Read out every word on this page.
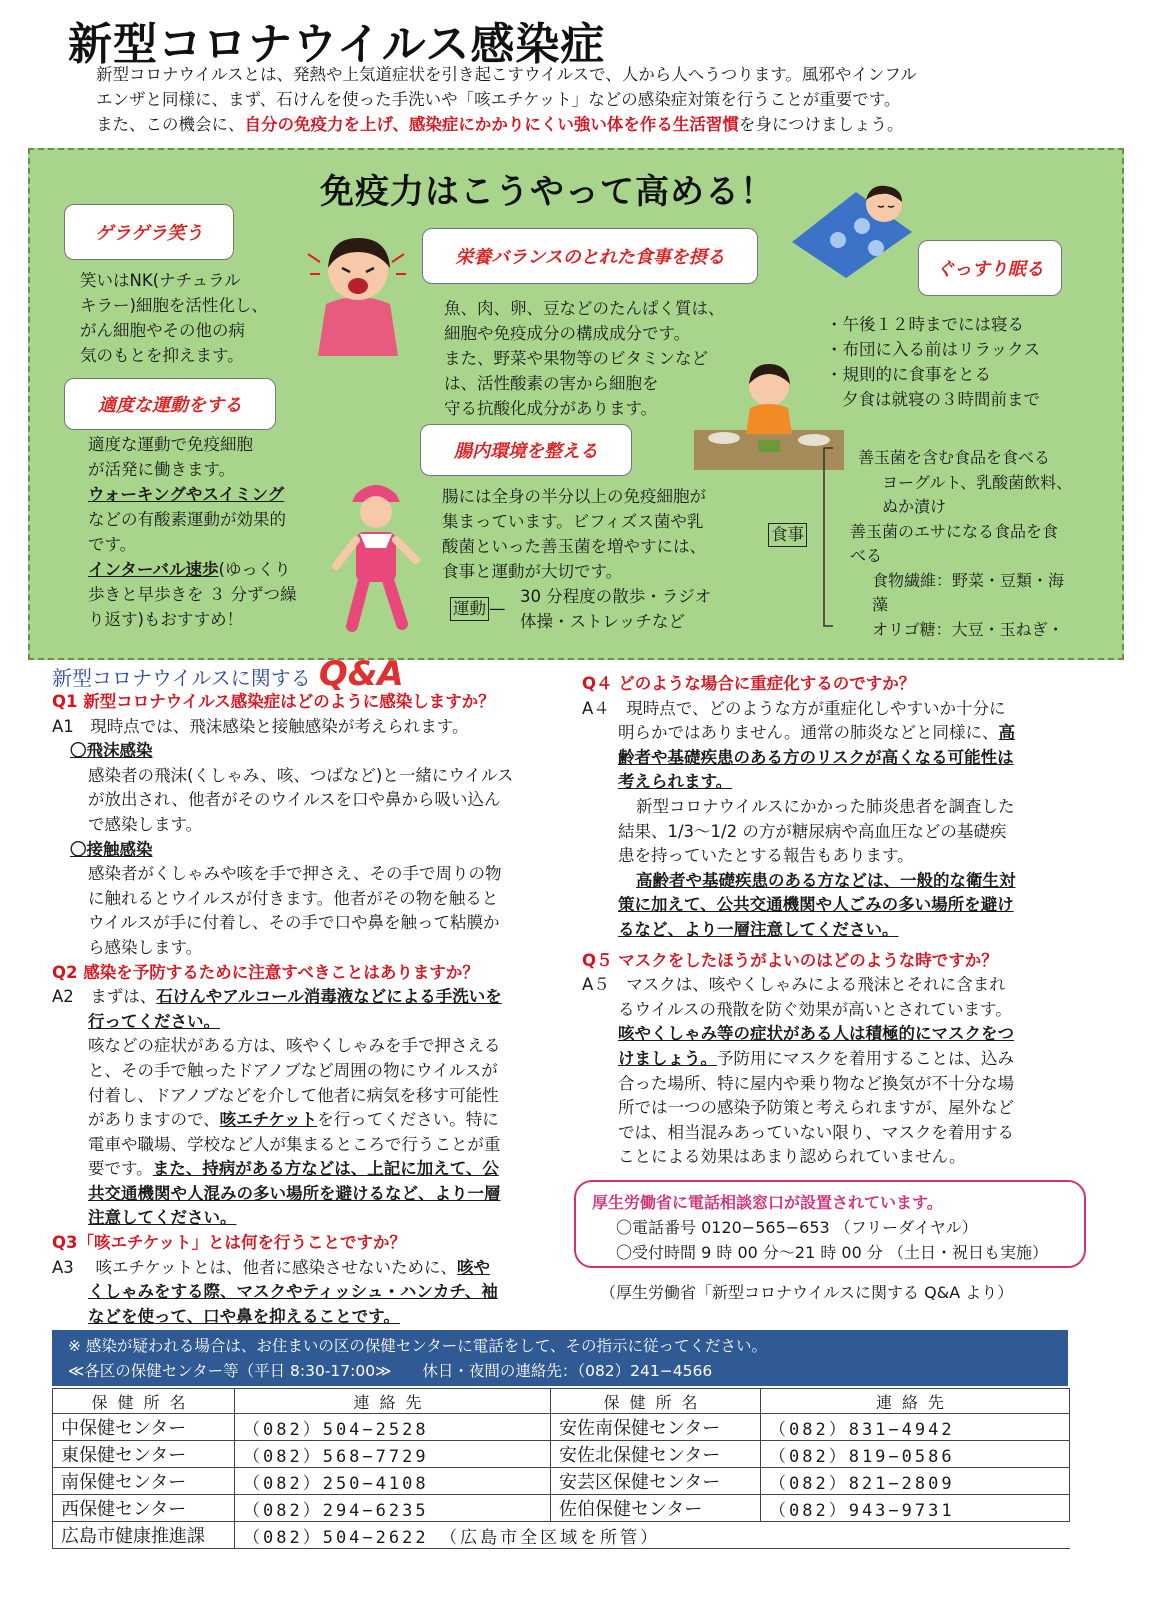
新型コロナウイルス感染症
新型コロナウイルスとは、発熱や上気道症状を引き起こすウイルスで、人から人へうつります。風邪やインフル
エンザと同様に、まず、石けんを使った手洗いや「咳エチケット」などの感染症対策を行うことが重要です。
また、この機会に、自分の免疫力を上げ、感染症にかかりにくい強い体を作る生活習慣を身につけましょう。
免疫力はこうやって高める！
ゲラゲラ笑う
笑いはNK(ナチュラル
キラー)細胞を活性化し、
がん細胞やその他の病
気のもとを抑えます。
栄養バランスのとれた食事を摂る
魚、肉、卵、豆などのたんぱく質は、
細胞や免疫成分の構成成分です。
また、野菜や果物等のビタミンなど
は、活性酸素の害から細胞を
守る抗酸化成分があります。
ぐっすり眠る
・午後１２時までには寝る
・布団に入る前はリラックス
・規則的に食事をとる
夕食は就寝の３時間前まで
適度な運動をする
適度な運動で免疫細胞
が活発に働きます。
ウォーキングやスイミング
などの有酸素運動が効果的
です。
インターバル速歩(ゆっくり
歩きと早歩きを ３ 分ずつ繰
り返す)もおすすめ！
腸内環境を整える
腸には全身の半分以上の免疫細胞が
集まっています。ビフィズス菌や乳
酸菌といった善玉菌を増やすには、
食事と運動が大切です。
運動 —
30 分程度の散歩・ラジオ
体操・ストレッチなど
食事
善玉菌を含む食品を食べる
ヨーグルト、乳酸菌飲料、
ぬか漬け
善玉菌のエサになる食品を食
べる
食物繊維：野菜・豆類・海
藻
オリゴ糖：大豆・玉ねぎ・
新型コロナウイルスに関する Q&A
Q1 新型コロナウイルス感染症はどのように感染しますか？
A1　現時点では、飛沫感染と接触感染が考えられます。
〇飛沫感染
感染者の飛沫(くしゃみ、咳、つばなど)と一緒にウイルス
が放出され、他者がそのウイルスを口や鼻から吸い込ん
で感染します。
〇接触感染
感染者がくしゃみや咳を手で押さえ、その手で周りの物
に触れるとウイルスが付きます。他者がその物を触ると
ウイルスが手に付着し、その手で口や鼻を触って粘膜か
ら感染します。
Q2 感染を予防するために注意すべきことはありますか？
A2　まずは、石けんやアルコール消毒液などによる手洗いを
行ってください。
咳などの症状がある方は、咳やくしゃみを手で押さえる
と、その手で触ったドアノブなど周囲の物にウイルスが
付着し、ドアノブなどを介して他者に病気を移す可能性
がありますので、咳エチケットを行ってください。特に
電車や職場、学校など人が集まるところで行うことが重
要です。また、持病がある方などは、上記に加えて、公
共交通機関や人混みの多い場所を避けるなど、より一層
注意してください。
Q3「咳エチケット」とは何を行うことですか？
A3　 咳エチケットとは、他者に感染させないために、咳や
くしゃみをする際、マスクやティッシュ・ハンカチ、袖
などを使って、口や鼻を抑えることです。
Q４ どのような場合に重症化するのですか？
A４　現時点で、どのような方が重症化しやすいか十分に
明らかではありません。通常の肺炎などと同様に、高
齢者や基礎疾患のある方のリスクが高くなる可能性は
考えられます。
新型コロナウイルスにかかった肺炎患者を調査した
結果、1/3〜1/2 の方が糖尿病や高血圧などの基礎疾
患を持っていたとする報告もあります。
高齢者や基礎疾患のある方などは、一般的な衛生対
策に加えて、公共交通機関や人ごみの多い場所を避け
るなど、より一層注意してください。
Q５ マスクをしたほうがよいのはどのような時ですか？
A５　マスクは、咳やくしゃみによる飛沫とそれに含まれ
るウイルスの飛散を防ぐ効果が高いとされています。
咳やくしゃみ等の症状がある人は積極的にマスクをつ
けましょう。予防用にマスクを着用することは、込み
合った場所、特に屋内や乗り物など換気が不十分な場
所では一つの感染予防策と考えられますが、屋外など
では、相当混みあっていない限り、マスクを着用する
ことによる効果はあまり認められていません。
厚生労働省に電話相談窓口が設置されています。
〇電話番号 0120−565−653 （フリーダイヤル）
〇受付時間 9 時 00 分〜21 時 00 分 （土日・祝日も実施）
（厚生労働省「新型コロナウイルスに関する Q&A より）
※ 感染が疑われる場合は、お住まいの区の保健センターに電話をして、その指示に従ってください。
≪各区の保健センター等（平日 8:30-17:00≫　　休日・夜間の連絡先：（082）241−4566
保健所名	連絡先	保健所名	連絡先
中保健センター	（082）504−2528	安佐南保健センター	（082）831−4942
東保健センター	（082）568−7729	安佐北保健センター	（082）819−0586
南保健センター	（082）250−4108	安芸区保健センター	（082）821−2809
西保健センター	（082）294−6235	佐伯保健センター	（082）943−9731
広島市健康推進課	（082）504−2622　（広島市全区域を所管）		
